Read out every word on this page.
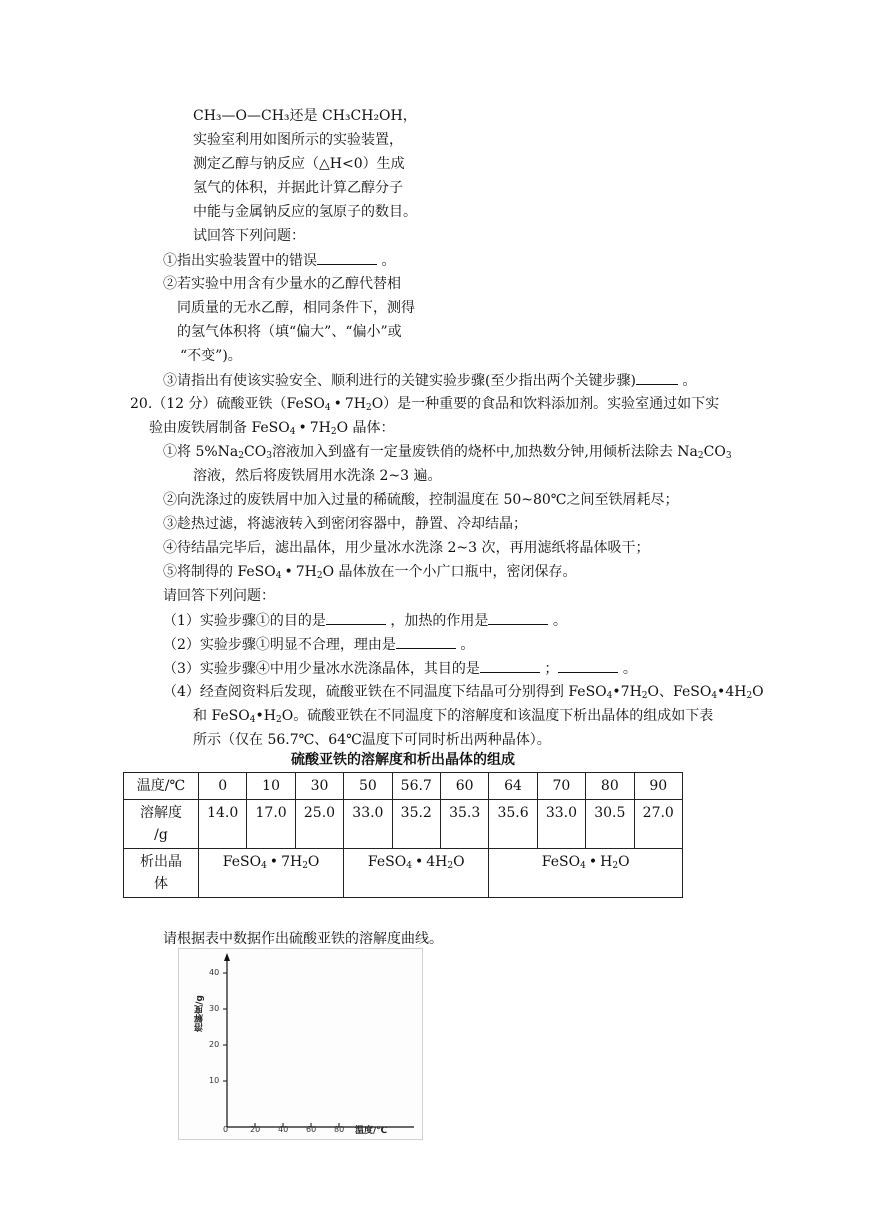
CH₃—O—CH₃还是 CH₃CH₂OH，
实验室利用如图所示的实验装置，
测定乙醇与钠反应（△H<0）生成
氢气的体积，并据此计算乙醇分子
中能与金属钠反应的氢原子的数目。
试回答下列问题：
①指出实验装置中的错误	。
②若实验中用含有少量水的乙醇代替相
同质量的无水乙醇，相同条件下，测得
的氢气体积将（填“偏大”、“偏小”或
“不变”)。
③请指出有使该实验安全、顺利进行的关键实验步骤(至少指出两个关键步骤)	。
20.（12 分）硫酸亚铁（FeSO$_4$ • $7H_2O$）是一种重要的食品和饮料添加剂。实验室通过如下实
验由废铁屑制备 FeSO$_4$ • $7H_2O$ 晶体：
①将 $5\%Na_2CO_3$溶液加入到盛有一定量废铁俏的烧杯中,加热数分钟,用倾析法除去 $Na_2CO_3$
溶液，然后将废铁屑用水洗涤 2~3 遍。
②向洗涤过的废铁屑中加入过量的稀硫酸，控制温度在 50~80℃之间至铁屑耗尽；
③趁热过滤，将滤液转入到密闭容器中，静置、冷却结晶；
④待结晶完毕后，滤出晶体，用少量冰水洗涤 2~3 次，再用滤纸将晶体吸干；
⑤将制得的 FeSO$_4$ • $7H_2O$ 晶体放在一个小广口瓶中，密闭保存。
请回答下列问题：
（1）实验步骤①的目的是	，加热的作用是	。
（2）实验步骤①明显不合理，理由是	。
（3）实验步骤④中用少量冰水洗涤晶体，其目的是	；	。
（4）经查阅资料后发现，硫酸亚铁在不同温度下结晶可分别得到 $FeSO_4•7H_2O$、$FeSO_4•4H_2O$
和 $FeSO_4•H_2O$。硫酸亚铁在不同温度下的溶解度和该温度下析出晶体的组成如下表
所示（仅在 56.7℃、64℃温度下可同时析出两种晶体）。
硫酸亚铁的溶解度和析出晶体的组成
温度/℃	0	10	30	50	56.7	60	64	70	80	90
溶解度
/g	14.0	17.0	25.0	33.0	35.2	35.3	35.6	33.0	30.5	27.0
析出晶
体	FeSO$_4$ • $7H_2O$			FeSO$_4$ • $4H_2O$			FeSO$_4$ • $H_2O$			
请根据表中数据作出硫酸亚铁的溶解度曲线。
10
20
30
40
0	20 40 60 80
溶解度/g
温度/℃
